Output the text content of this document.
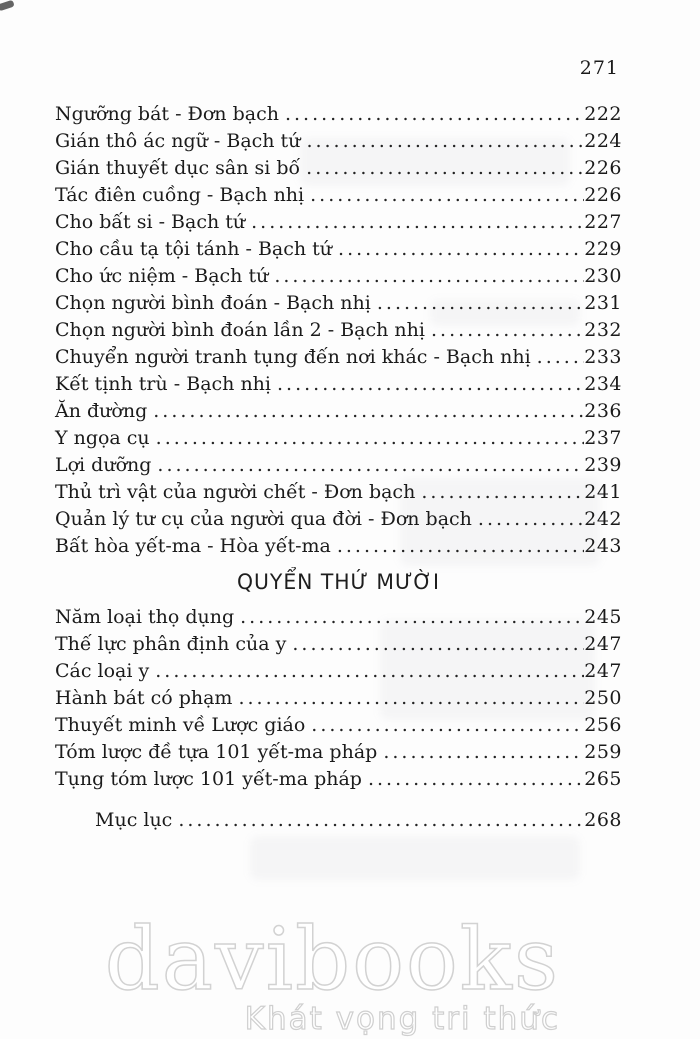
271
Ngưỡng bát - Đơn bạch .....	222
Gián thô ác ngữ - Bạch tứ .....	224
Gián thuyết dục sân si bố .....	226
Tác điên cuồng - Bạch nhị .....	226
Cho bất si - Bạch tứ .....	227
Cho cầu tạ tội tánh - Bạch tứ .....	229
Cho ức niệm - Bạch tứ .....	230
Chọn người bình đoán - Bạch nhị .....	231
Chọn người bình đoán lần 2 - Bạch nhị .....	232
Chuyển người tranh tụng đến nơi khác - Bạch nhị .....	233
Kết tịnh trù - Bạch nhị .....	234
Ăn đường .....	236
Y ngọa cụ .....	237
Lợi dưỡng .....	239
Thủ trì vật của người chết - Đơn bạch .....	241
Quản lý tư cụ của người qua đời - Đơn bạch .....	242
Bất hòa yết-ma - Hòa yết-ma .....	243
QUYỂN THỨ MƯỜI
Năm loại thọ dụng .....	245
Thế lực phân định của y .....	247
Các loại y .....	247
Hành bát có phạm .....	250
Thuyết minh về Lược giáo .....	256
Tóm lược đề tựa 101 yết-ma pháp .....	259
Tụng tóm lược 101 yết-ma pháp .....	265
Mục lục .....	268
davibooks
Khát vọng tri thức
